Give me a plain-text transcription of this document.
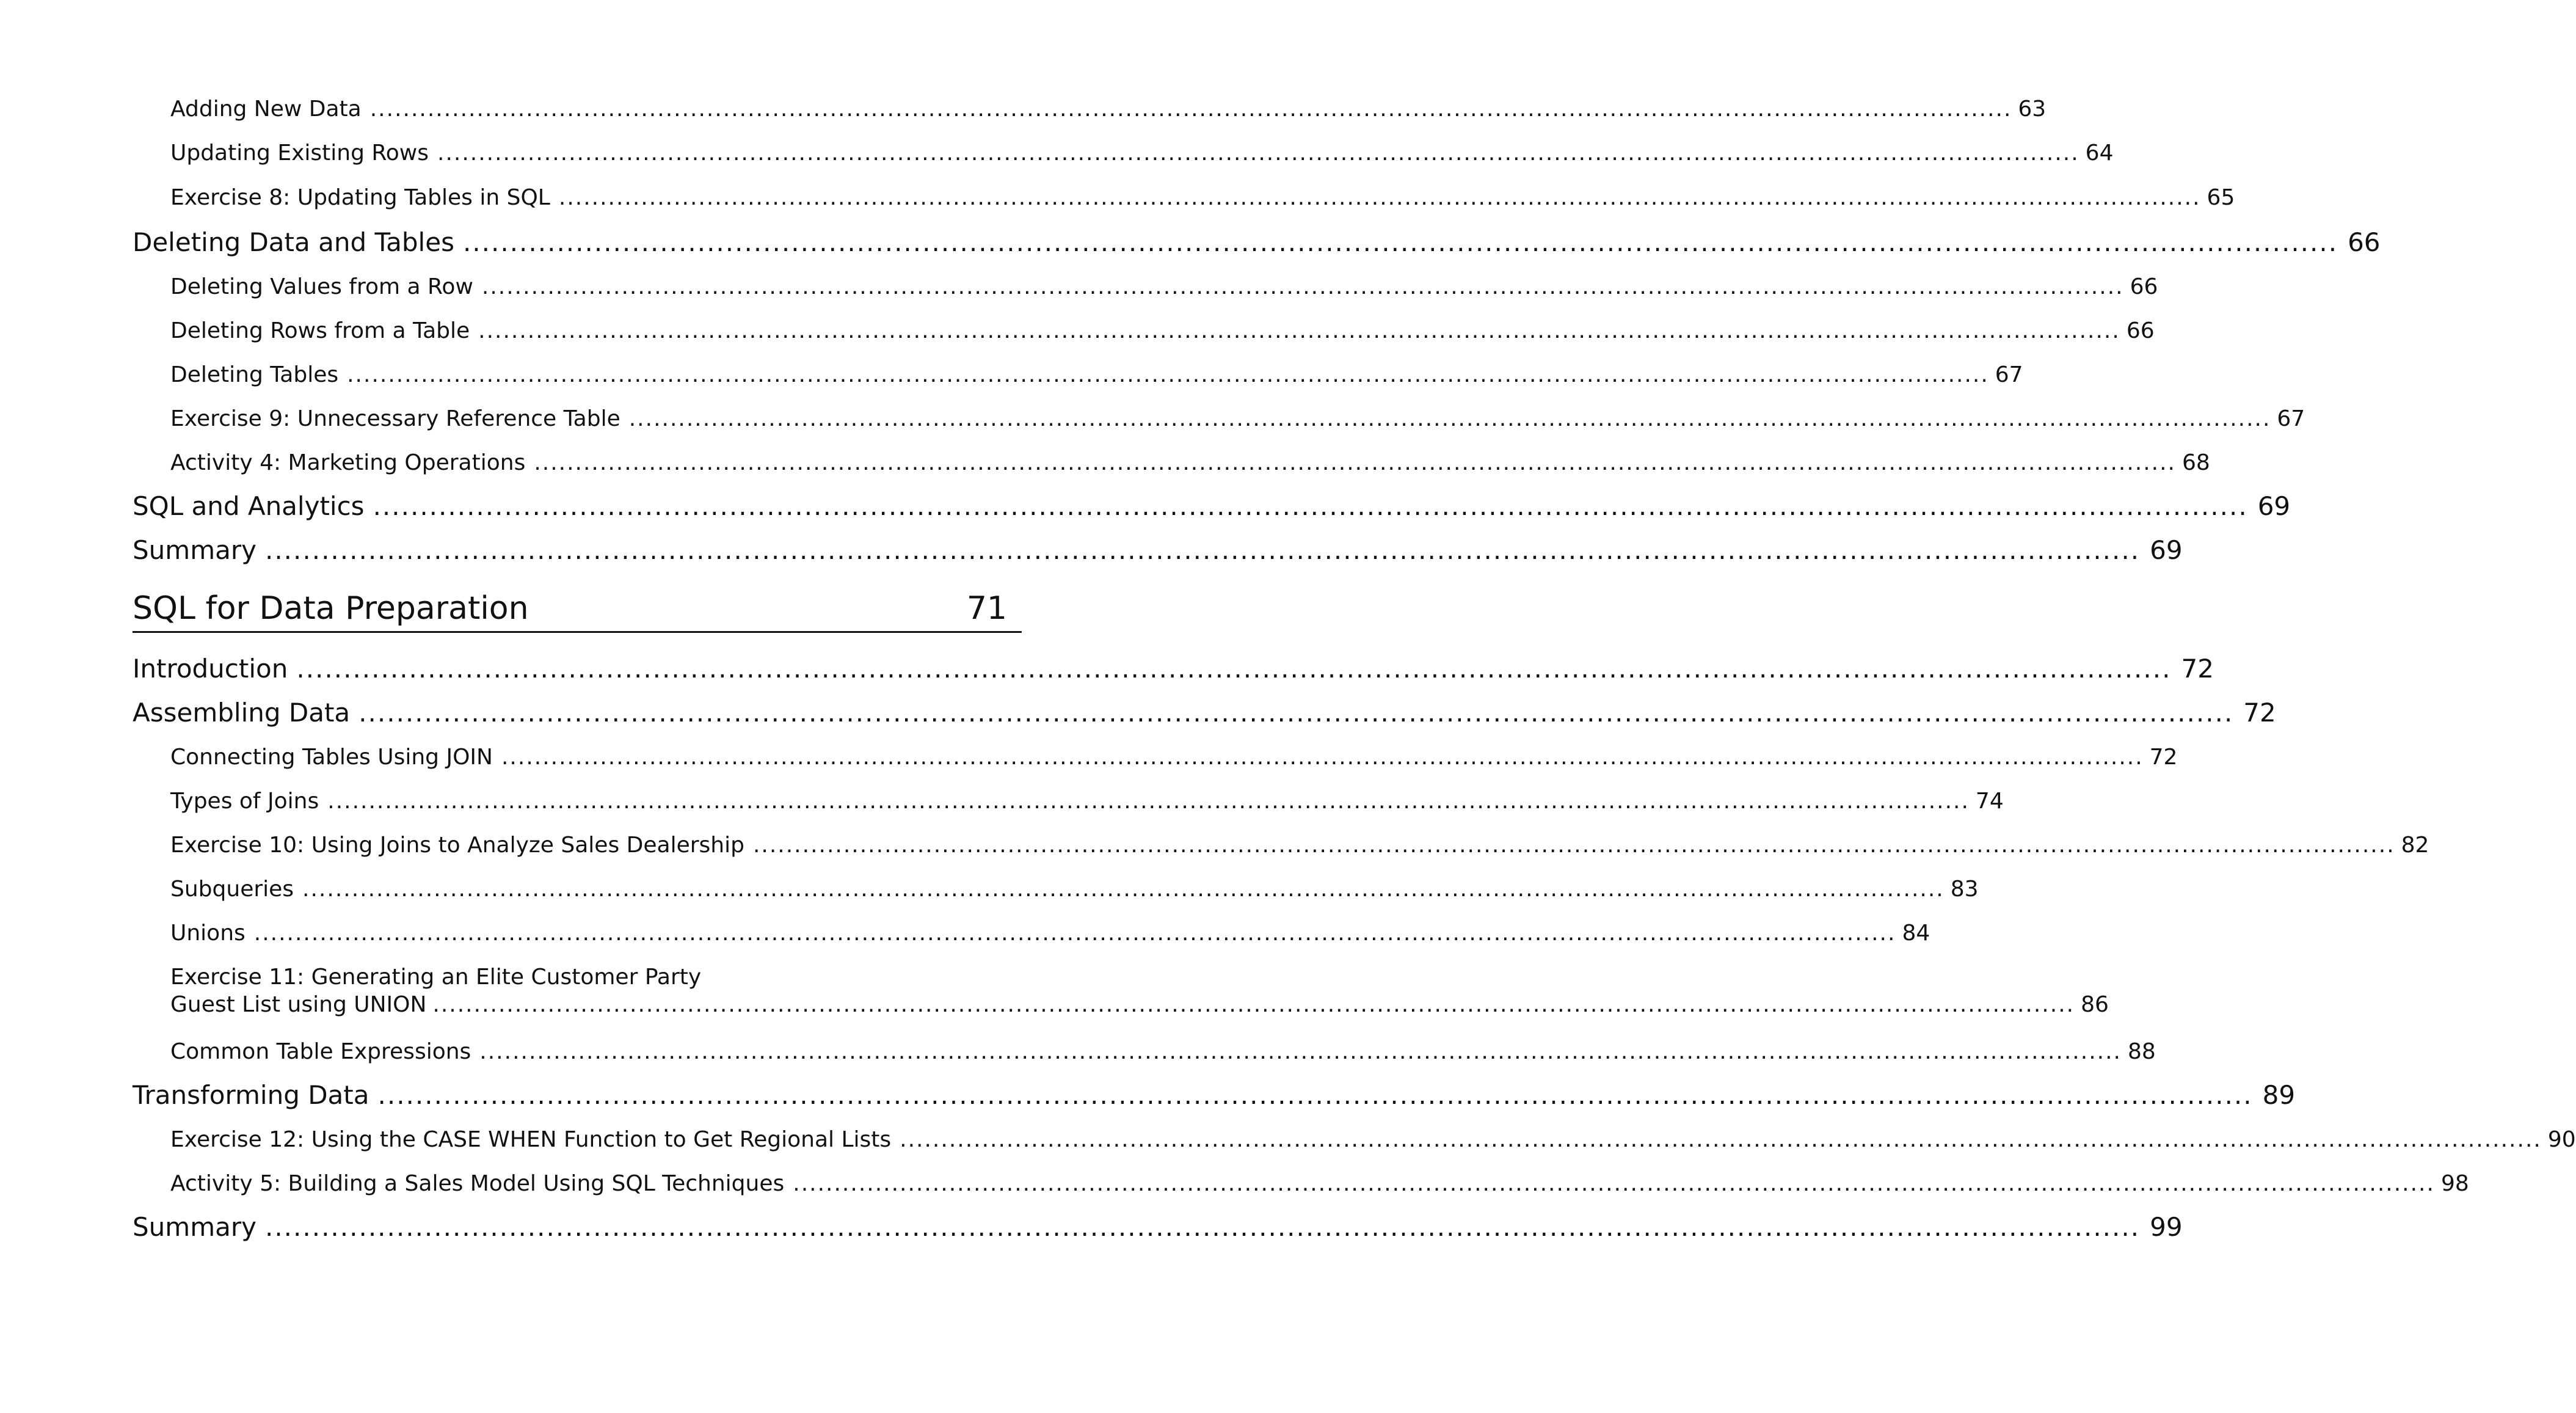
Adding New Data ........................................................................................................................................................................................................ 63
Updating Existing Rows ........................................................................................................................................................................................................ 64
Exercise 8: Updating Tables in SQL ........................................................................................................................................................................................................ 65
Deleting Data and Tables ........................................................................................................................................................................................................ 66
Deleting Values from a Row ........................................................................................................................................................................................................ 66
Deleting Rows from a Table ........................................................................................................................................................................................................ 66
Deleting Tables ........................................................................................................................................................................................................ 67
Exercise 9: Unnecessary Reference Table ........................................................................................................................................................................................................ 67
Activity 4: Marketing Operations ........................................................................................................................................................................................................ 68
SQL and Analytics ........................................................................................................................................................................................................ 69
Summary ........................................................................................................................................................................................................ 69
SQL for Data Preparation	71
Introduction ........................................................................................................................................................................................................ 72
Assembling Data ........................................................................................................................................................................................................ 72
Connecting Tables Using JOIN ........................................................................................................................................................................................................ 72
Types of Joins ........................................................................................................................................................................................................ 74
Exercise 10: Using Joins to Analyze Sales Dealership ........................................................................................................................................................................................................ 82
Subqueries ........................................................................................................................................................................................................ 83
Unions ........................................................................................................................................................................................................ 84
Exercise 11: Generating an Elite Customer Party
Guest List using UNION ........................................................................................................................................................................................................ 86
Common Table Expressions ........................................................................................................................................................................................................ 88
Transforming Data ........................................................................................................................................................................................................ 89
Exercise 12: Using the CASE WHEN Function to Get Regional Lists ........................................................................................................................................................................................................ 90
Activity 5: Building a Sales Model Using SQL Techniques ........................................................................................................................................................................................................ 98
Summary ........................................................................................................................................................................................................ 99
